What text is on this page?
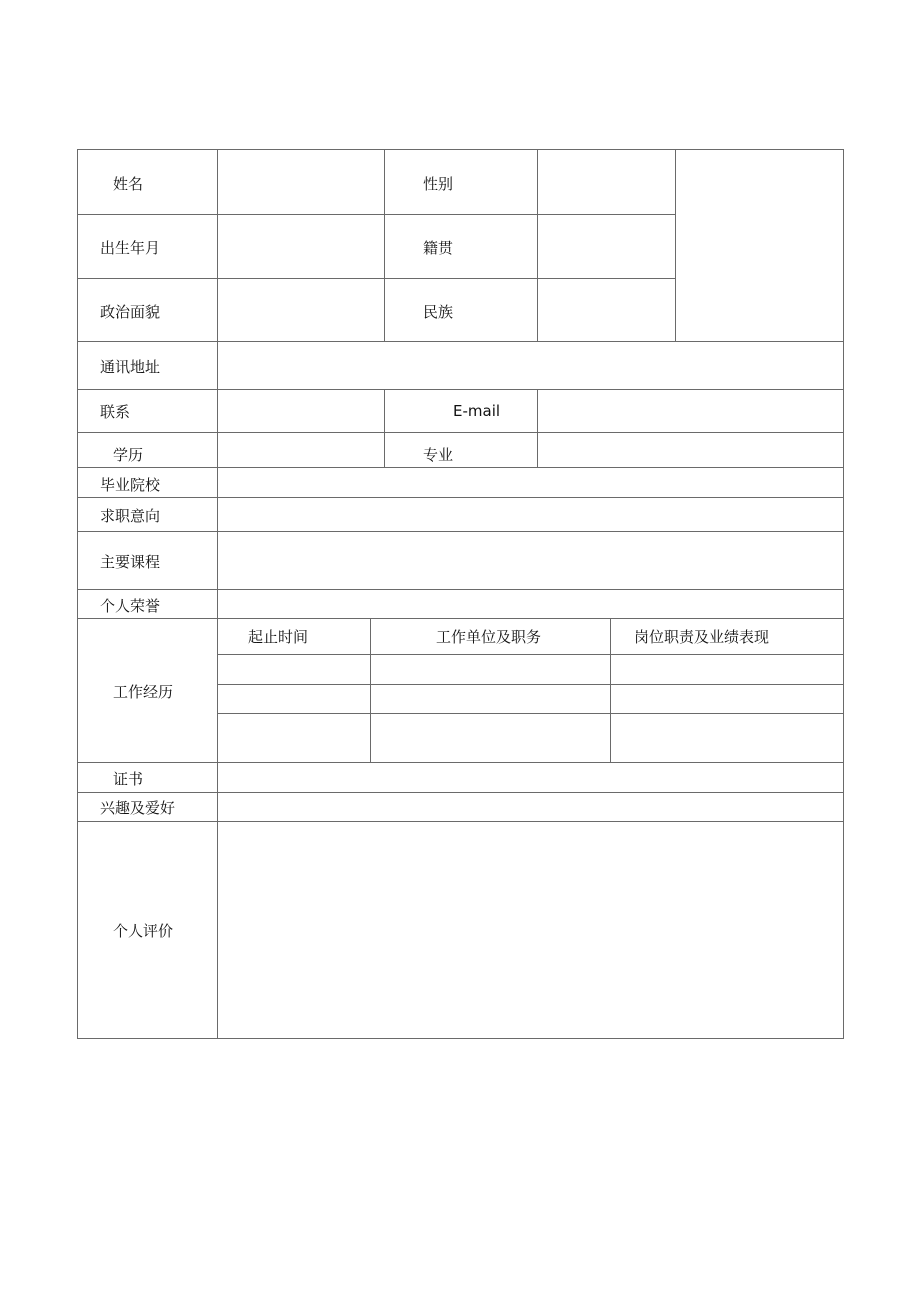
姓名	性别
出生年月	籍贯
政治面貌	民族
通讯地址
联系	E-mail
学历	专业
毕业院校
求职意向
主要课程
个人荣誉
工作经历
起止时间	工作单位及职务	岗位职责及业绩表现
证书
兴趣及爱好
个人评价
